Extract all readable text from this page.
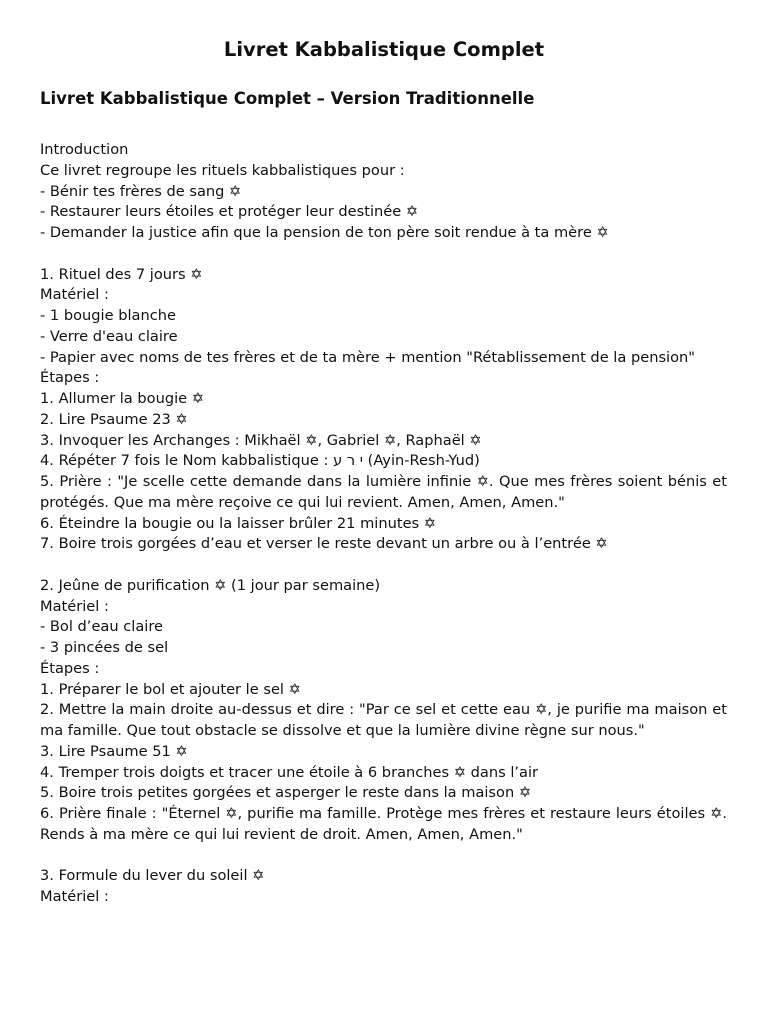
Livret Kabbalistique Complet
Livret Kabbalistique Complet – Version Traditionnelle
Introduction
Ce livret regroupe les rituels kabbalistiques pour :
- Bénir tes frères de sang ✡
- Restaurer leurs étoiles et protéger leur destinée ✡
- Demander la justice afin que la pension de ton père soit rendue à ta mère ✡
1. Rituel des 7 jours ✡
Matériel :
- 1 bougie blanche
- Verre d'eau claire
- Papier avec noms de tes frères et de ta mère + mention "Rétablissement de la pension"
Étapes :
1. Allumer la bougie ✡
2. Lire Psaume 23 ✡
3. Invoquer les Archanges : Mikhaël ✡, Gabriel ✡, Raphaël ✡
4. Répéter 7 fois le Nom kabbalistique : י ר ע (Ayin-Resh-Yud)
5. Prière : "Je scelle cette demande dans la lumière infinie ✡. Que mes frères soient bénis et protégés. Que ma mère reçoive ce qui lui revient. Amen, Amen, Amen."
6. Éteindre la bougie ou la laisser brûler 21 minutes ✡
7. Boire trois gorgées d’eau et verser le reste devant un arbre ou à l’entrée ✡
2. Jeûne de purification ✡ (1 jour par semaine)
Matériel :
- Bol d’eau claire
- 3 pincées de sel
Étapes :
1. Préparer le bol et ajouter le sel ✡
2. Mettre la main droite au-dessus et dire : "Par ce sel et cette eau ✡, je purifie ma maison et ma famille. Que tout obstacle se dissolve et que la lumière divine règne sur nous."
3. Lire Psaume 51 ✡
4. Tremper trois doigts et tracer une étoile à 6 branches ✡ dans l’air
5. Boire trois petites gorgées et asperger le reste dans la maison ✡
6. Prière finale : "Éternel ✡, purifie ma famille. Protège mes frères et restaure leurs étoiles ✡. Rends à ma mère ce qui lui revient de droit. Amen, Amen, Amen."
3. Formule du lever du soleil ✡
Matériel :
